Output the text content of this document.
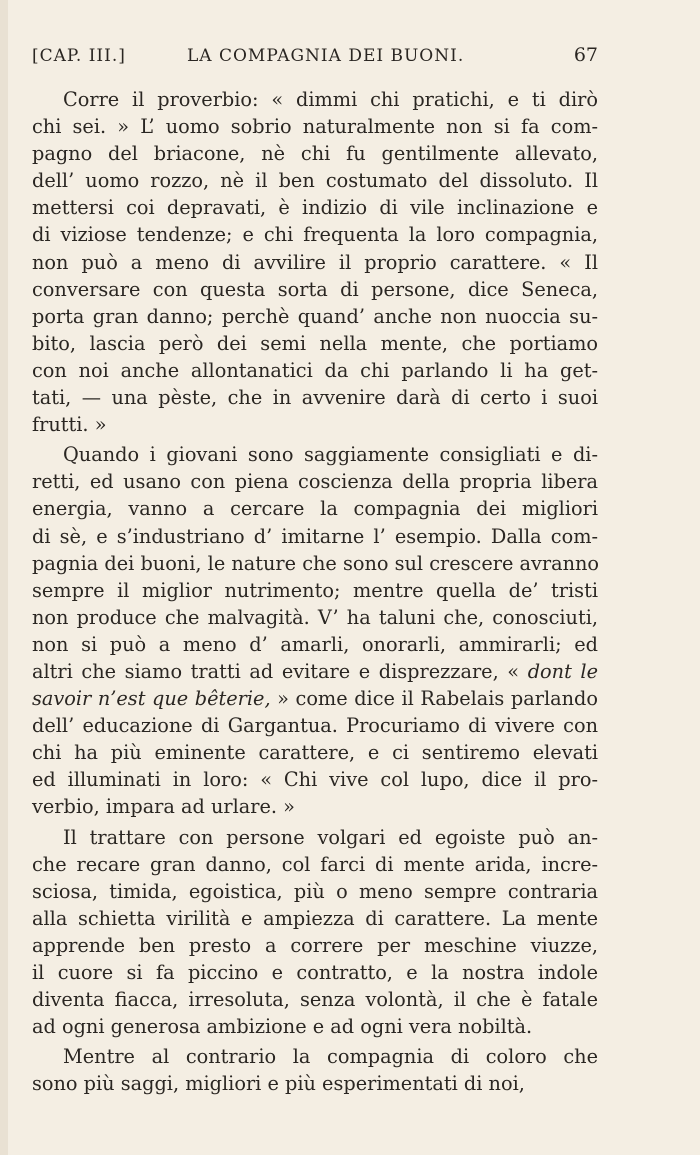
[CAP. III.]	LA COMPAGNIA DEI BUONI.	67
Corre il proverbio: « dimmi chi pratichi, e ti dirò
chi sei. » L’ uomo sobrio naturalmente non si fa com-
pagno del briacone, nè chi fu gentilmente allevato,
dell’ uomo rozzo, nè il ben costumato del dissoluto. Il
mettersi coi depravati, è indizio di vile inclinazione e
di viziose tendenze; e chi frequenta la loro compagnia,
non può a meno di avvilire il proprio carattere. « Il
conversare con questa sorta di persone, dice Seneca,
porta gran danno; perchè quand’ anche non nuoccia su-
bito, lascia però dei semi nella mente, che portiamo
con noi anche allontanatici da chi parlando li ha get-
tati, — una pèste, che in avvenire darà di certo i suoi
frutti. »
Quando i giovani sono saggiamente consigliati e di-
retti, ed usano con piena coscienza della propria libera
energia, vanno a cercare la compagnia dei migliori
di sè, e s’industriano d’ imitarne l’ esempio. Dalla com-
pagnia dei buoni, le nature che sono sul crescere avranno
sempre il miglior nutrimento; mentre quella de’ tristi
non produce che malvagità. V’ ha taluni che, conosciuti,
non si può a meno d’ amarli, onorarli, ammirarli; ed
altri che siamo tratti ad evitare e disprezzare, « dont le
savoir n’est que bêterie, » come dice il Rabelais parlando
dell’ educazione di Gargantua. Procuriamo di vivere con
chi ha più eminente carattere, e ci sentiremo elevati
ed illuminati in loro: « Chi vive col lupo, dice il pro-
verbio, impara ad urlare. »
Il trattare con persone volgari ed egoiste può an-
che recare gran danno, col farci di mente arida, incre-
sciosa, timida, egoistica, più o meno sempre contraria
alla schietta virilità e ampiezza di carattere. La mente
apprende ben presto a correre per meschine viuzze,
il cuore si fa piccino e contratto, e la nostra indole
diventa fiacca, irresoluta, senza volontà, il che è fatale
ad ogni generosa ambizione e ad ogni vera nobiltà.
Mentre al contrario la compagnia di coloro che
sono più saggi, migliori e più esperimentati di noi,
